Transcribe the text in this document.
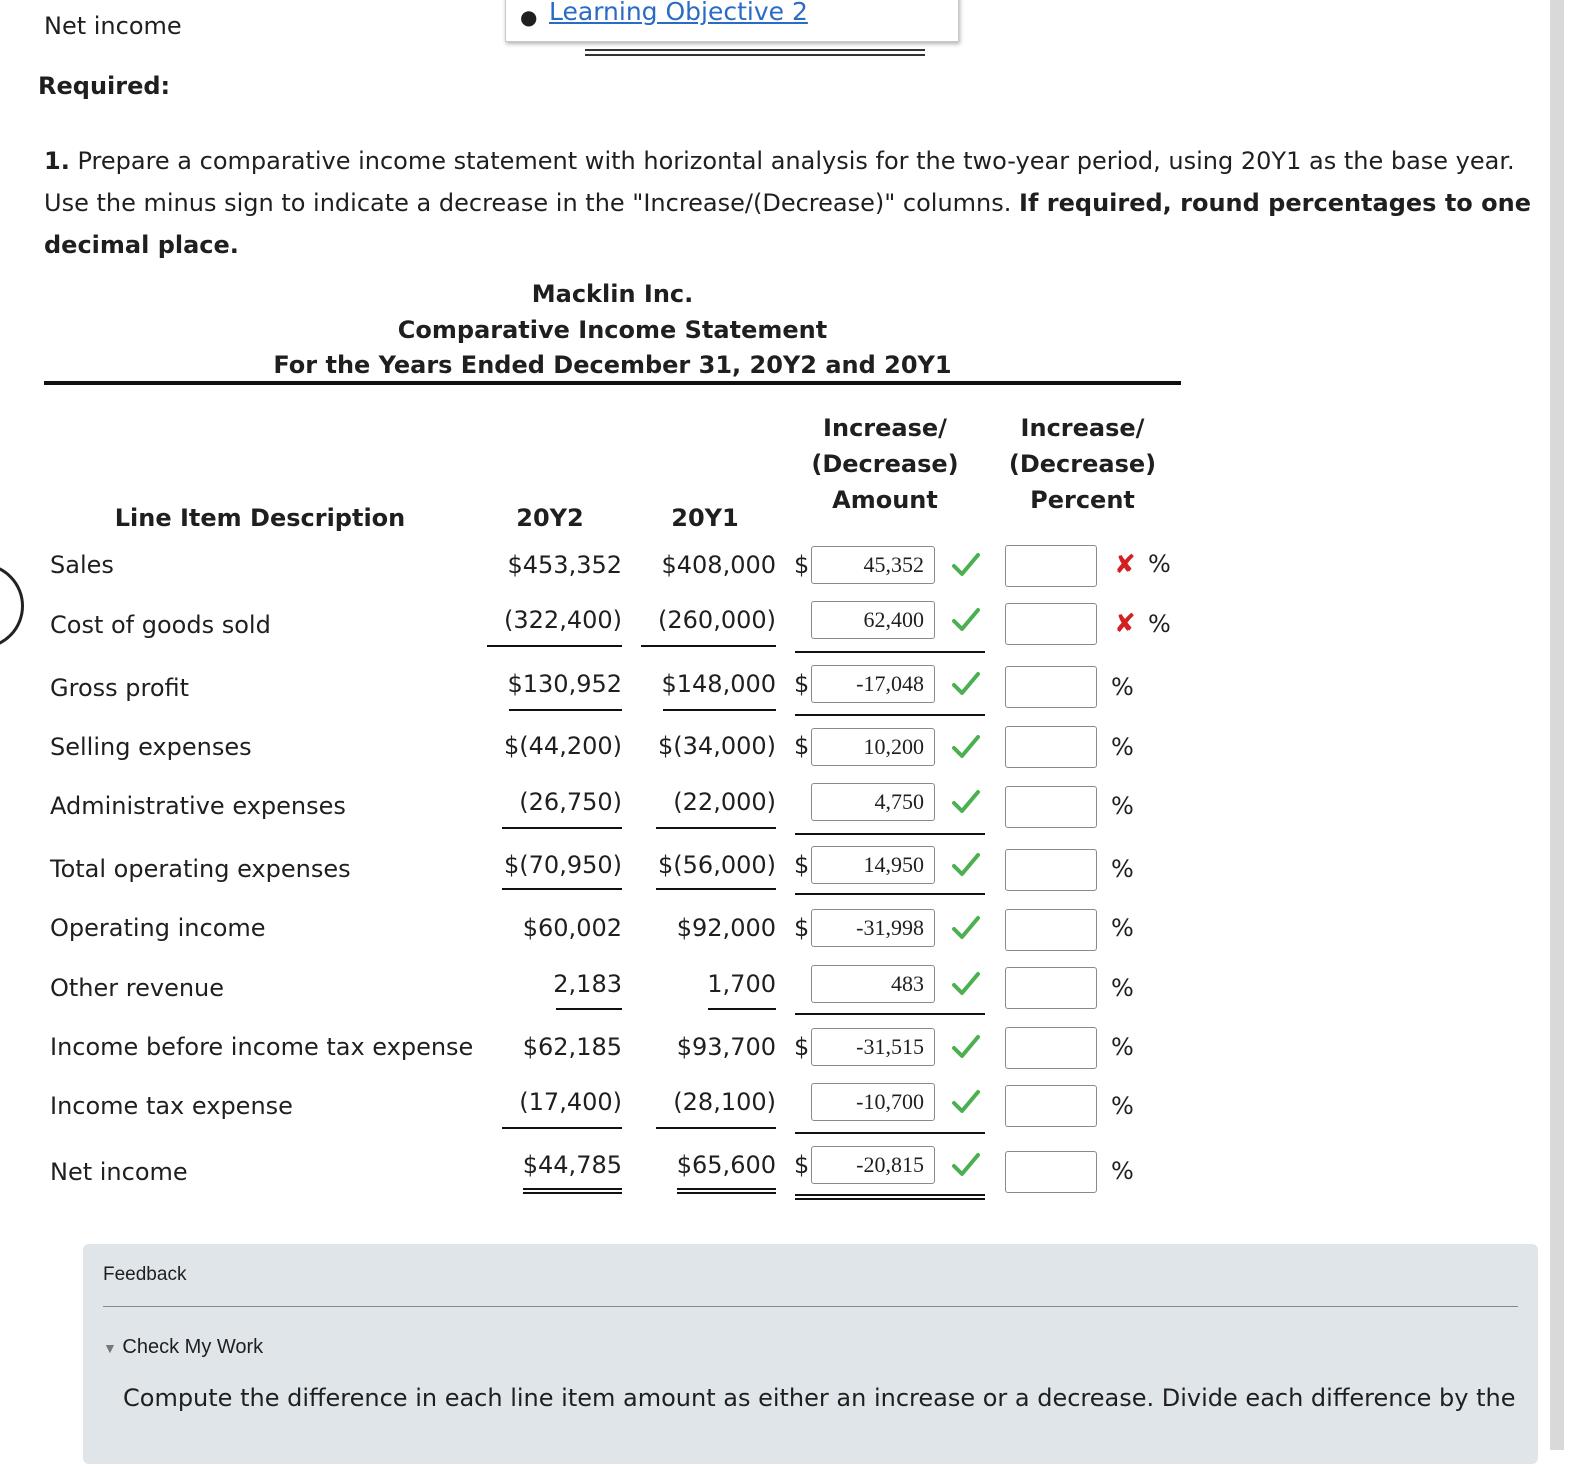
Net income	● Learning Objective 2
Required:
1. Prepare a comparative income statement with horizontal analysis for the two-year period, using 20Y1 as the base year. Use the minus sign to indicate a decrease in the "Increase/(Decrease)" columns. If required, round percentages to one decimal place.
Macklin Inc.
Comparative Income Statement
For the Years Ended December 31, 20Y2 and 20Y1
Line Item Description	20Y2	20Y1
Increase/
(Decrease)
Amount
Increase/
(Decrease)
Percent
Sales	$453,352	$408,000 $	45,352	✘ %
Cost of goods sold	(322,400)	(260,000)	62,400	✘ %
Gross profit	$130,952	$148,000 $	-17,048	%
Selling expenses	$(44,200)	$(34,000) $	10,200	%
Administrative expenses	(26,750)	(22,000)	4,750	%
Total operating expenses	$(70,950)	$(56,000) $	14,950	%
Operating income	$60,002	$92,000 $	-31,998	%
Other revenue	2,183	1,700	483	%
Income before income tax expense	$62,185	$93,700 $	-31,515	%
Income tax expense	(17,400)	(28,100)	-10,700	%
Net income	$44,785	$65,600 $	-20,815	%
Feedback
▼ Check My Work
Compute the difference in each line item amount as either an increase or a decrease. Divide each difference by the
